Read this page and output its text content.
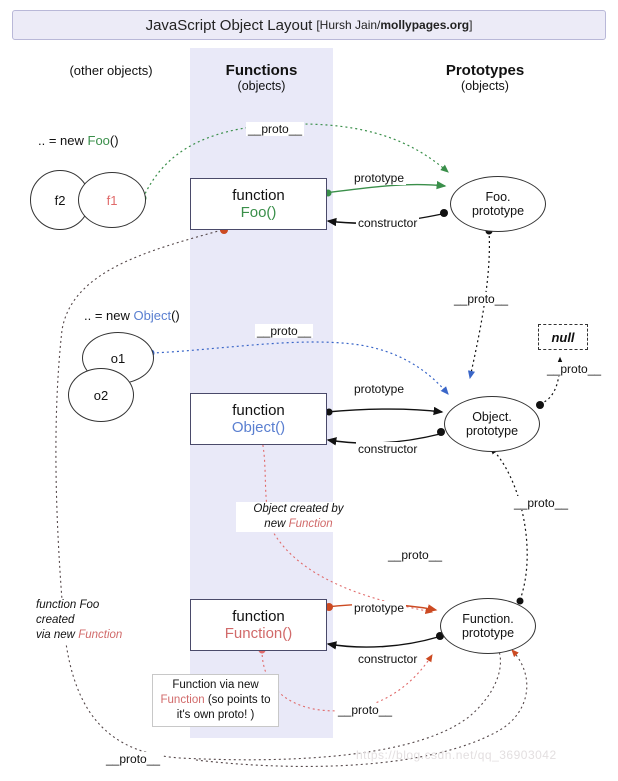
JavaScript Object Layout [Hursh Jain/mollypages.org]
(other objects)	Functions
(objects)
Prototypes
(objects)
.. = new Foo()
f2	f1
.. = new Object()
o1
o2
function
Foo()
function
Object()
function
Function()
Foo.
prototype
Object.
prototype
Function.
prototype
null
__proto__
prototype
constructor
__proto__
__proto__
__proto__
prototype
constructor
__proto__
__proto__
prototype
constructor
__proto__
__proto__
Object created by
new Function
function Foo
created
via new Function
Function via new
Function (so points to
it's own proto! )
https://blog.csdn.net/qq_36903042
